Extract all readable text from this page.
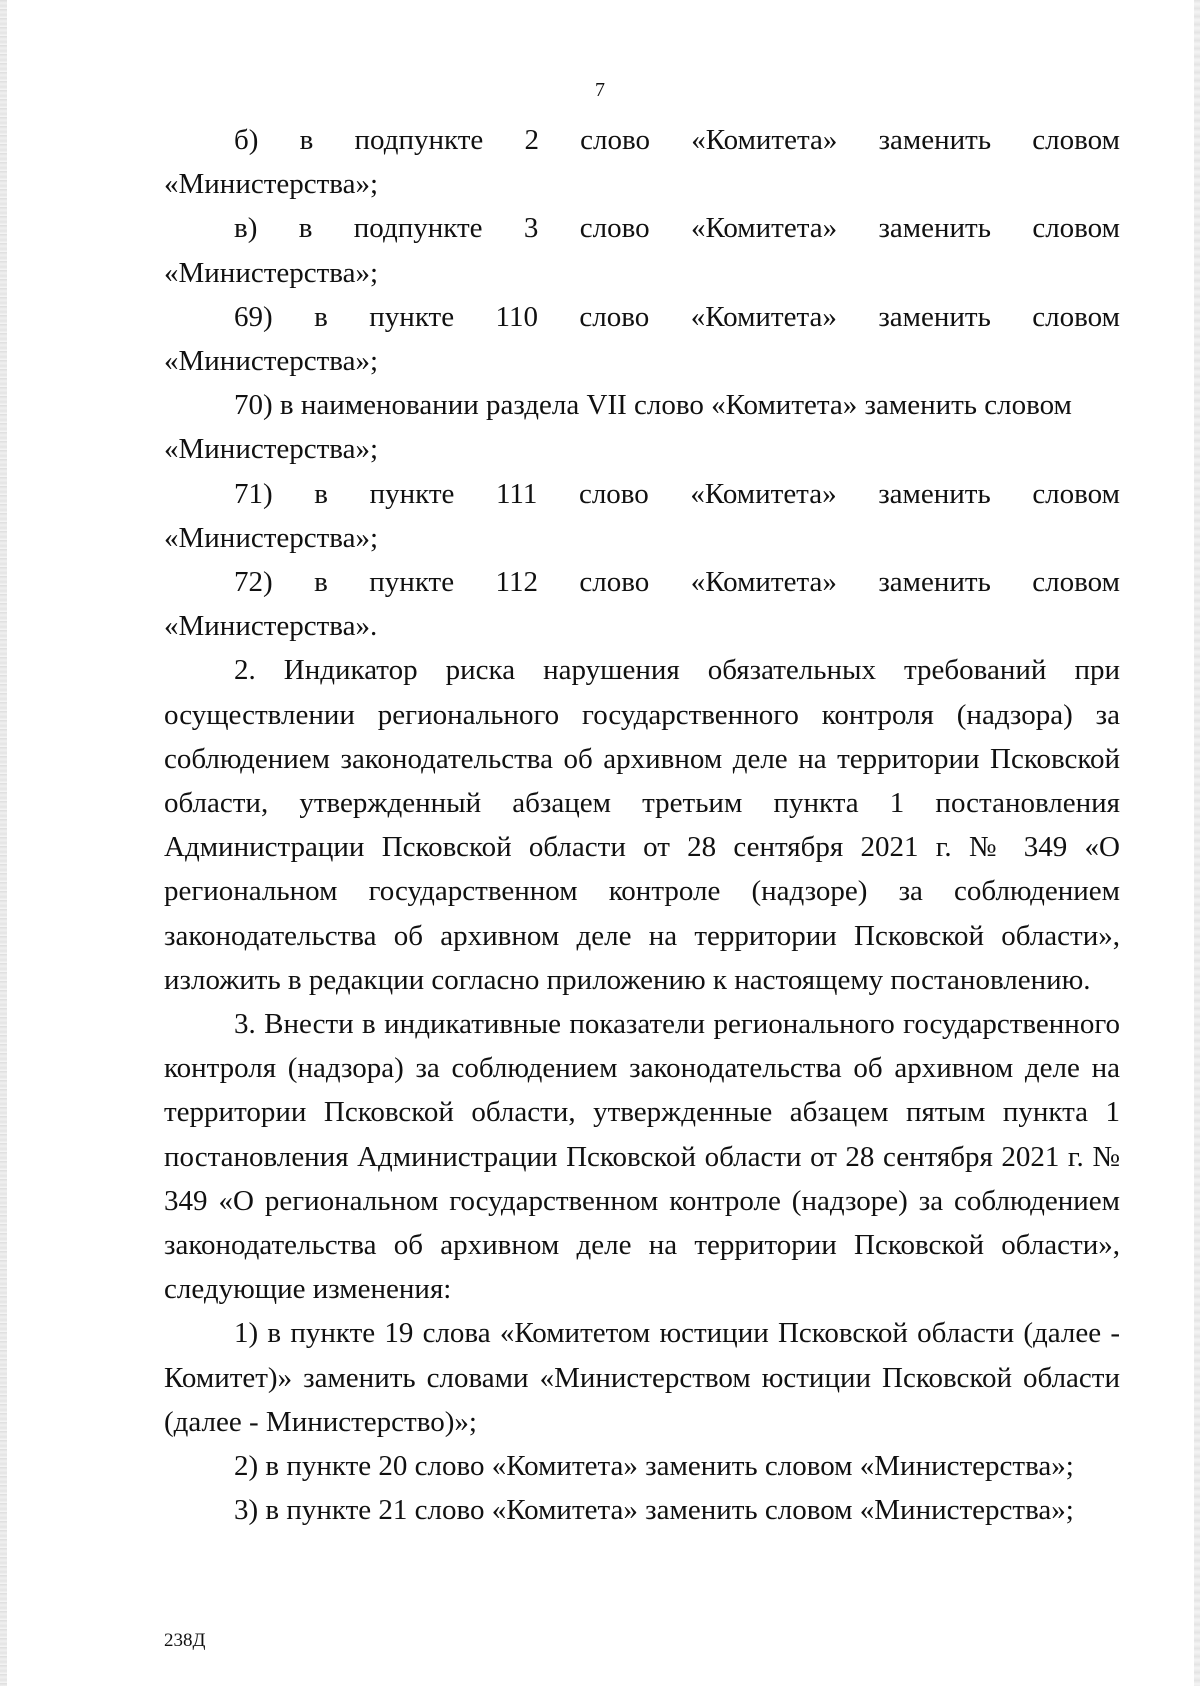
7
б) в подпункте 2 слово «Комитета» заменить словом
«Министерства»;
в) в подпункте 3 слово «Комитета» заменить словом
«Министерства»;
69) в пункте 110 слово «Комитета» заменить словом
«Министерства»;
70) в наименовании раздела VII слово «Комитета» заменить словом
«Министерства»;
71) в пункте 111 слово «Комитета» заменить словом
«Министерства»;
72) в пункте 112 слово «Комитета» заменить словом
«Министерства».

2. Индикатор риска нарушения обязательных требований при осуществлении регионального государственного контроля (надзора) за соблюдением законодательства об архивном деле на территории Псковской области, утвержденный абзацем третьим пункта 1 постановления Администрации Псковской области от 28 сентября 2021 г. № 349 «О региональном государственном контроле (надзоре) за соблюдением законодательства об архивном деле на территории Псковской области», изложить в редакции согласно приложению к настоящему постановлению.

3. Внести в индикативные показатели регионального государственного контроля (надзора) за соблюдением законодательства об архивном деле на территории Псковской области, утвержденные абзацем пятым пункта 1 постановления Администрации Псковской области от 28 сентября 2021 г. № 349 «О региональном государственном контроле (надзоре) за соблюдением законодательства об архивном деле на территории Псковской области», следующие изменения:

1) в пункте 19 слова «Комитетом юстиции Псковской области (далее - Комитет)» заменить словами «Министерством юстиции Псковской области (далее - Министерство)»;

2) в пункте 20 слово «Комитета» заменить словом «Министерства»;
3) в пункте 21 слово «Комитета» заменить словом «Министерства»;
238Д
